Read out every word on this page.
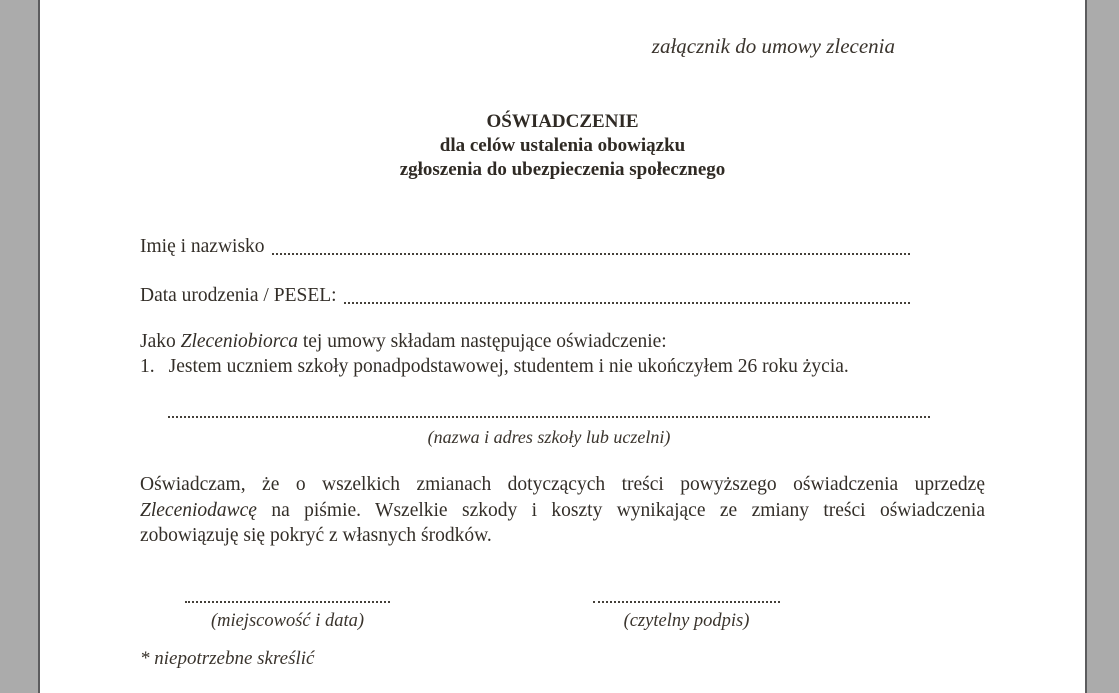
załącznik do umowy zlecenia
OŚWIADCZENIE
dla celów ustalenia obowiązku
zgłoszenia do ubezpieczenia społecznego
Imię i nazwisko
Data urodzenia / PESEL:
Jako Zleceniobiorca tej umowy składam następujące oświadczenie:
1. Jestem uczniem szkoły ponadpodstawowej, studentem i nie ukończyłem 26 roku życia.
(nazwa i adres szkoły lub uczelni)
Oświadczam, że o wszelkich zmianach dotyczących treści powyższego oświadczenia uprzedzę
Zleceniodawcę na piśmie. Wszelkie szkody i koszty wynikające ze zmiany treści oświadczenia
zobowiązuję się pokryć z własnych środków.
(miejscowość i data)	(czytelny podpis)
* niepotrzebne skreślić
